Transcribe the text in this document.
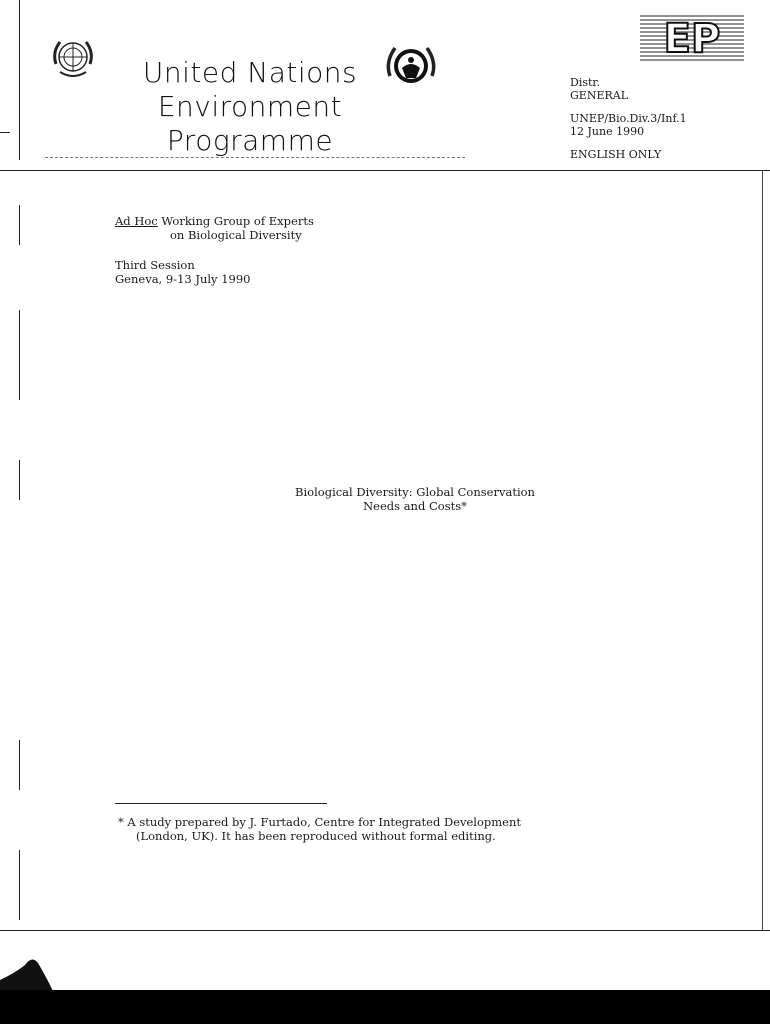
United Nations
Environment
Programme
EP
Distr.
GENERAL
UNEP/Bio.Div.3/Inf.1
12 June 1990
ENGLISH ONLY
Ad Hoc Working Group of Experts
on Biological Diversity
Third Session
Geneva, 9-13 July 1990
Biological Diversity: Global Conservation
Needs and Costs*
* A study prepared by J. Furtado, Centre for Integrated Development
(London, UK). It has been reproduced without formal editing.
